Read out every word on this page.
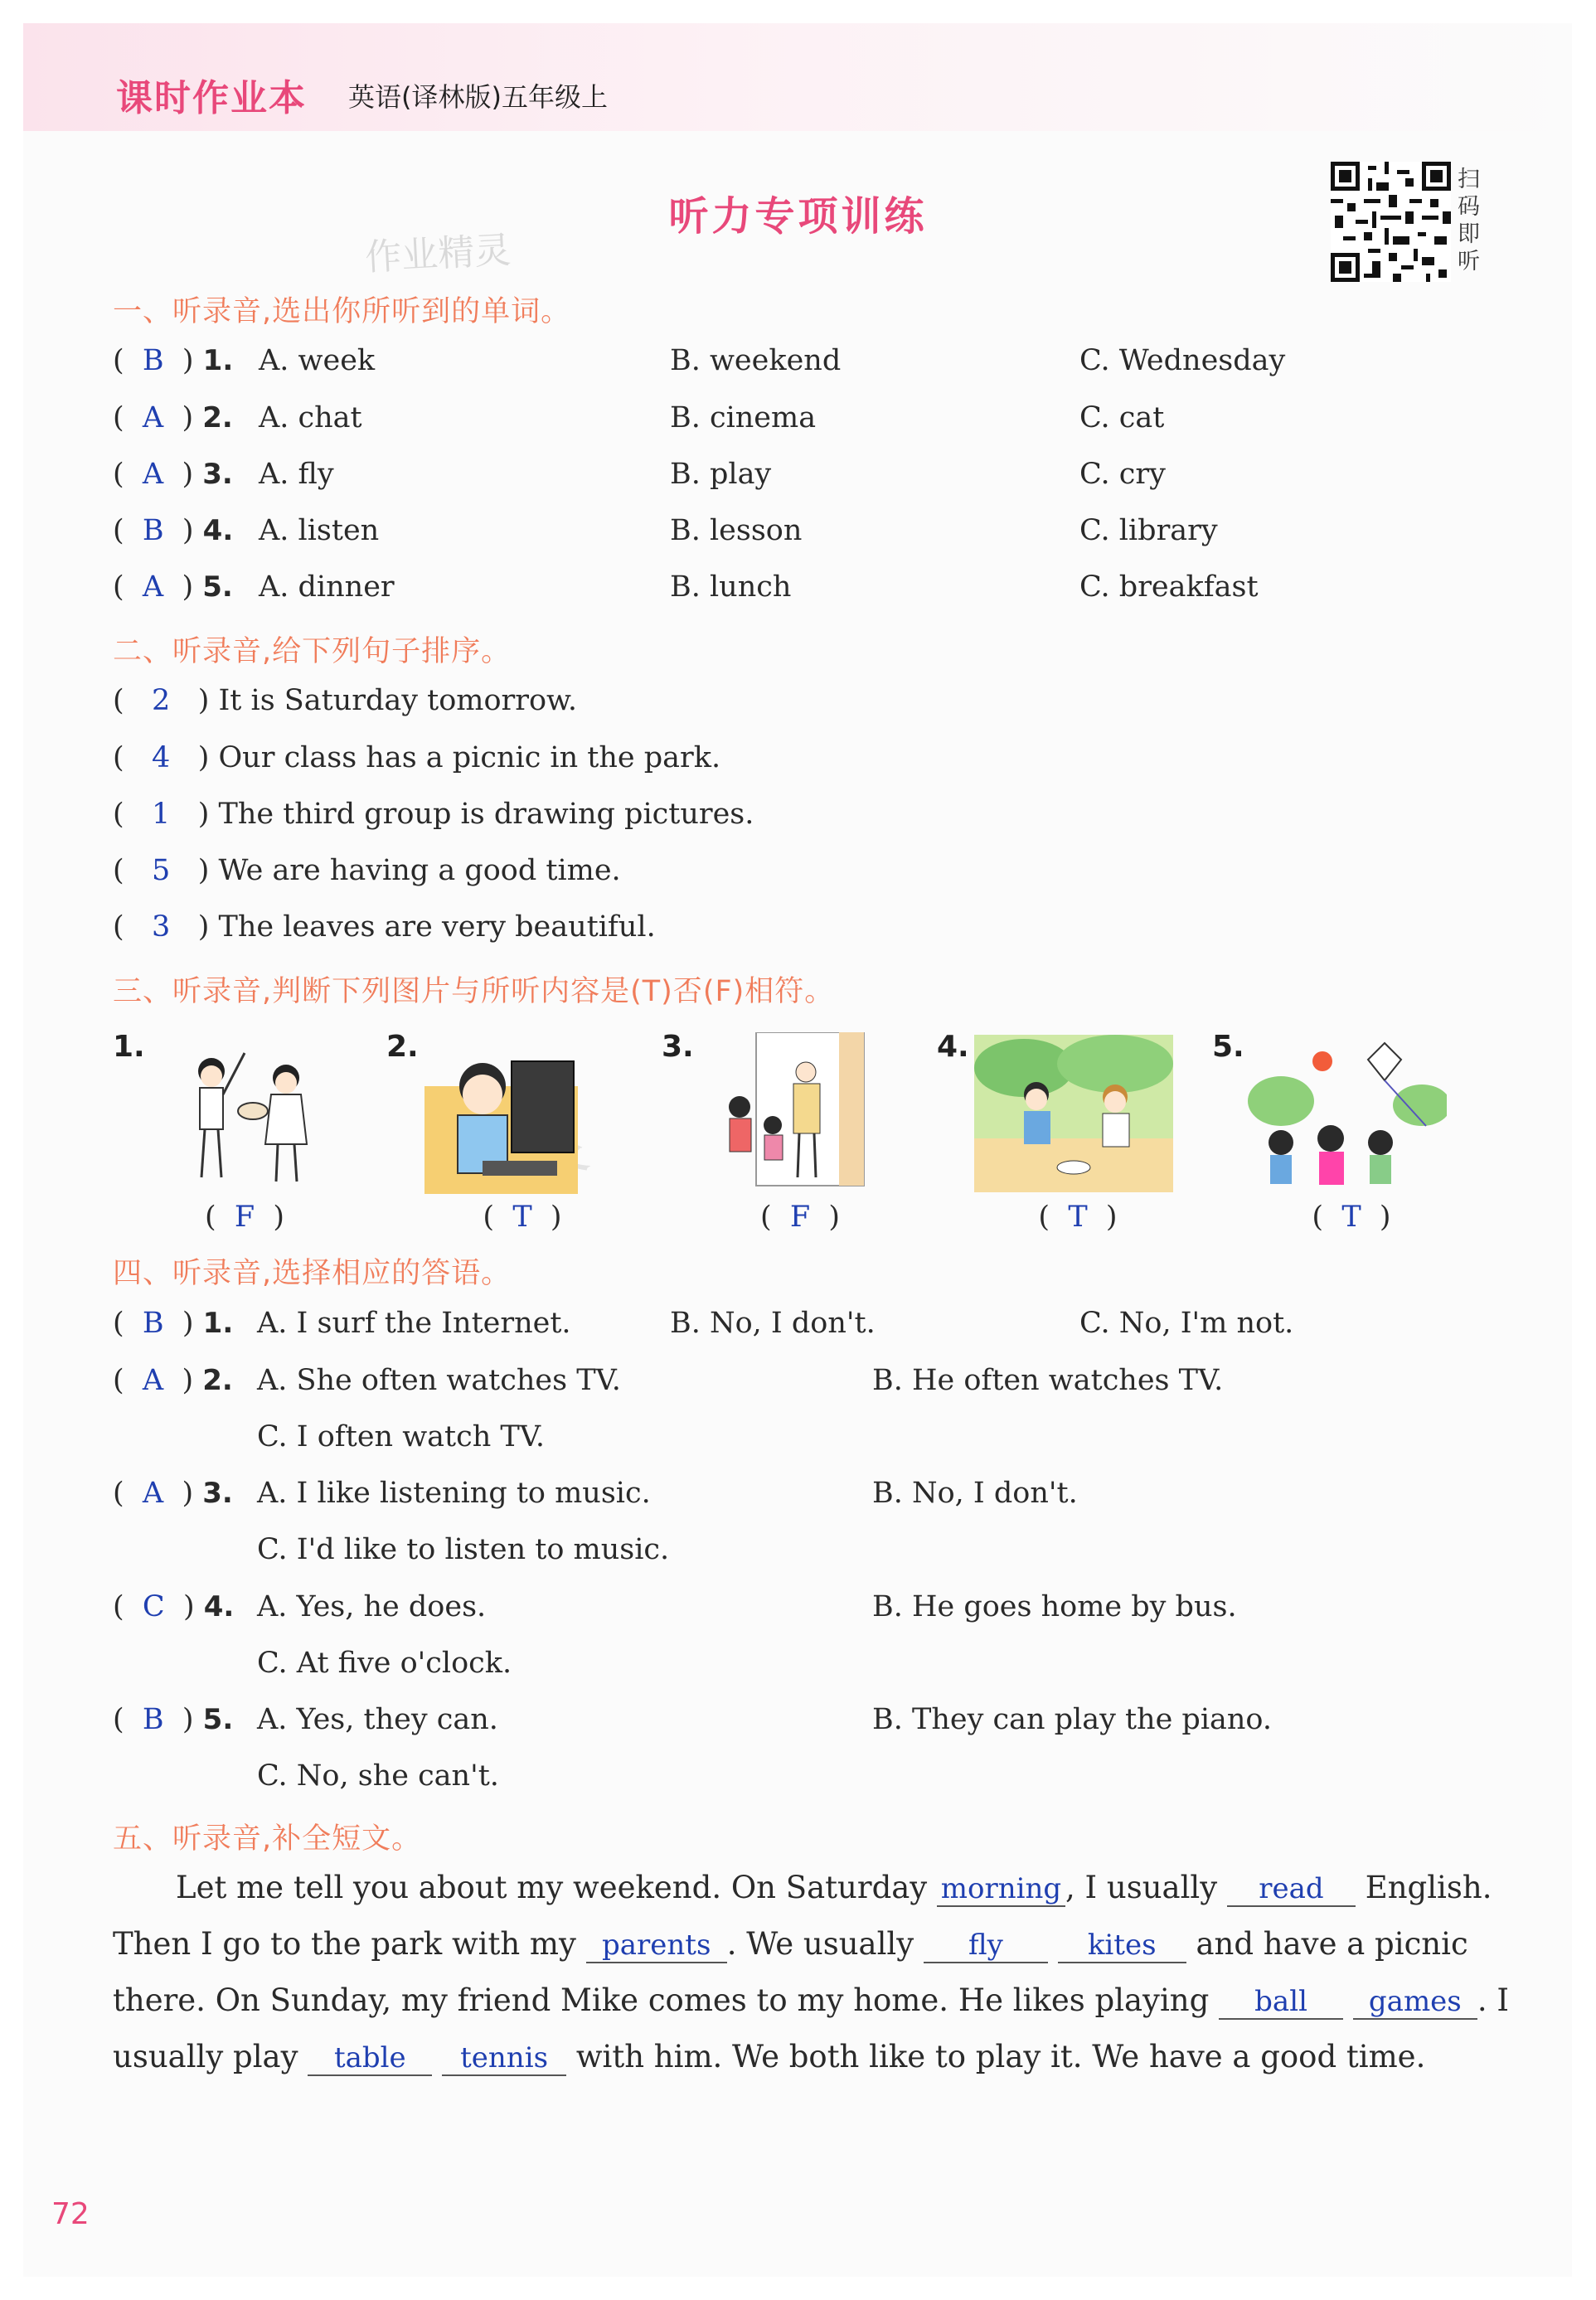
课时作业本 英语(译林版)五年级上
听力专项训练
作业精灵
扫
码
即
听
一、听录音,选出你所听到的单词。
(  B  ) 1. A. week	B. weekend	C. Wednesday
(  A  ) 2. A. chat	B. cinema	C. cat
(  A  ) 3. A. fly	B. play	C. cry
(  B  ) 4. A. listen	B. lesson	C. library
(  A  ) 5. A. dinner	B. lunch	C. breakfast
二、听录音,给下列句子排序。
(   2 ) It is Saturday tomorrow.
(   4 ) Our class has a picnic in the park.
(   1 ) The third group is drawing pictures.
(   5 ) We are having a good time.
(   3 ) The leaves are very beautiful.
三、听录音,判断下列图片与所听内容是(T)否(F)相符。
1.
(  F  )
2.
(  T  )
3.
(  F  )
4.
(  T  )
5.
(  T  )
四、听录音,选择相应的答语。
(  B  ) 1. A. I surf the Internet.	B. No, I don't.	C. No, I'm not.
(  A  ) 2. A. She often watches TV.	B. He often watches TV.
C. I often watch TV.
(  A  ) 3. A. I like listening to music.	B. No, I don't.
C. I'd like to listen to music.
(  C  ) 4. A. Yes, he does.	B. He goes home by bus.
C. At five o'clock.
(  B  ) 5. A. Yes, they can.	B. They can play the piano.
C. No, she can't.
五、听录音,补全短文。
Let me tell you about my weekend. On Saturday morning , I usually read English.
Then I go to the park with my parents . We usually fly	kites and have a picnic
there. On Sunday, my friend Mike comes to my home. He likes playing ball games . I
usually play table tennis with him. We both like to play it. We have a good time.
72
